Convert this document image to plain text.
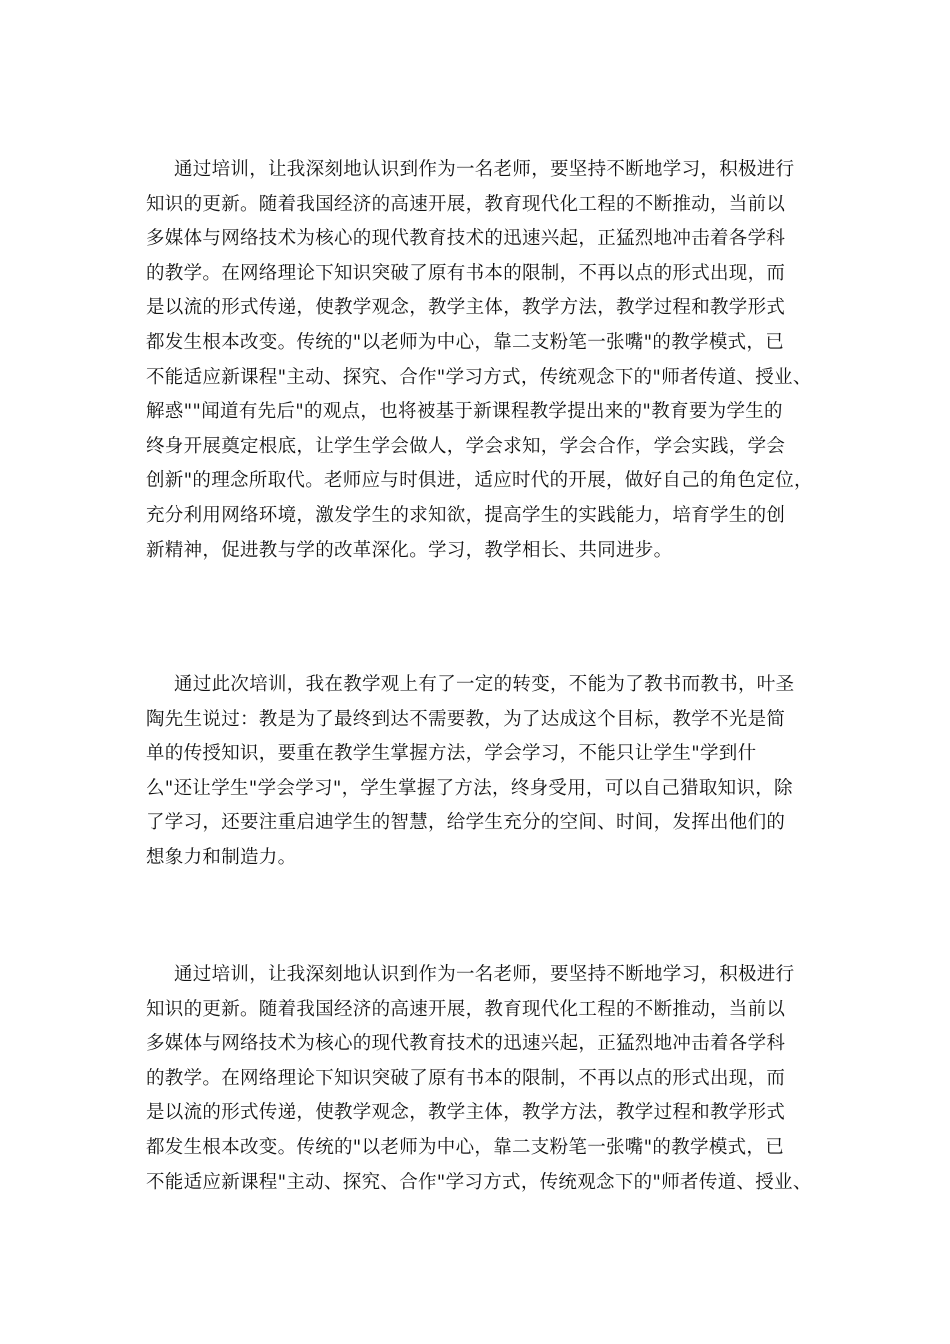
通过培训，让我深刻地认识到作为一名老师，要坚持不断地学习，积极进行
知识的更新。随着我国经济的高速开展，教育现代化工程的不断推动，当前以
多媒体与网络技术为核心的现代教育技术的迅速兴起，正猛烈地冲击着各学科
的教学。在网络理论下知识突破了原有书本的限制，不再以点的形式出现，而
是以流的形式传递，使教学观念，教学主体，教学方法，教学过程和教学形式
都发生根本改变。传统的"以老师为中心，靠二支粉笔一张嘴"的教学模式，已
不能适应新课程"主动、探究、合作"学习方式，传统观念下的"师者传道、授业、
解惑""闻道有先后"的观点，也将被基于新课程教学提出来的"教育要为学生的
终身开展奠定根底，让学生学会做人，学会求知，学会合作，学会实践，学会
创新"的理念所取代。老师应与时俱进，适应时代的开展，做好自己的角色定位，
充分利用网络环境，激发学生的求知欲，提高学生的实践能力，培育学生的创
新精神，促进教与学的改革深化。学习，教学相长、共同进步。
通过此次培训，我在教学观上有了一定的转变，不能为了教书而教书，叶圣
陶先生说过：教是为了最终到达不需要教，为了达成这个目标，教学不光是简
单的传授知识，要重在教学生掌握方法，学会学习，不能只让学生"学到什
么"还让学生"学会学习"，学生掌握了方法，终身受用，可以自己猎取知识，除
了学习，还要注重启迪学生的智慧，给学生充分的空间、时间，发挥出他们的
想象力和制造力。
通过培训，让我深刻地认识到作为一名老师，要坚持不断地学习，积极进行
知识的更新。随着我国经济的高速开展，教育现代化工程的不断推动，当前以
多媒体与网络技术为核心的现代教育技术的迅速兴起，正猛烈地冲击着各学科
的教学。在网络理论下知识突破了原有书本的限制，不再以点的形式出现，而
是以流的形式传递，使教学观念，教学主体，教学方法，教学过程和教学形式
都发生根本改变。传统的"以老师为中心，靠二支粉笔一张嘴"的教学模式，已
不能适应新课程"主动、探究、合作"学习方式，传统观念下的"师者传道、授业、
